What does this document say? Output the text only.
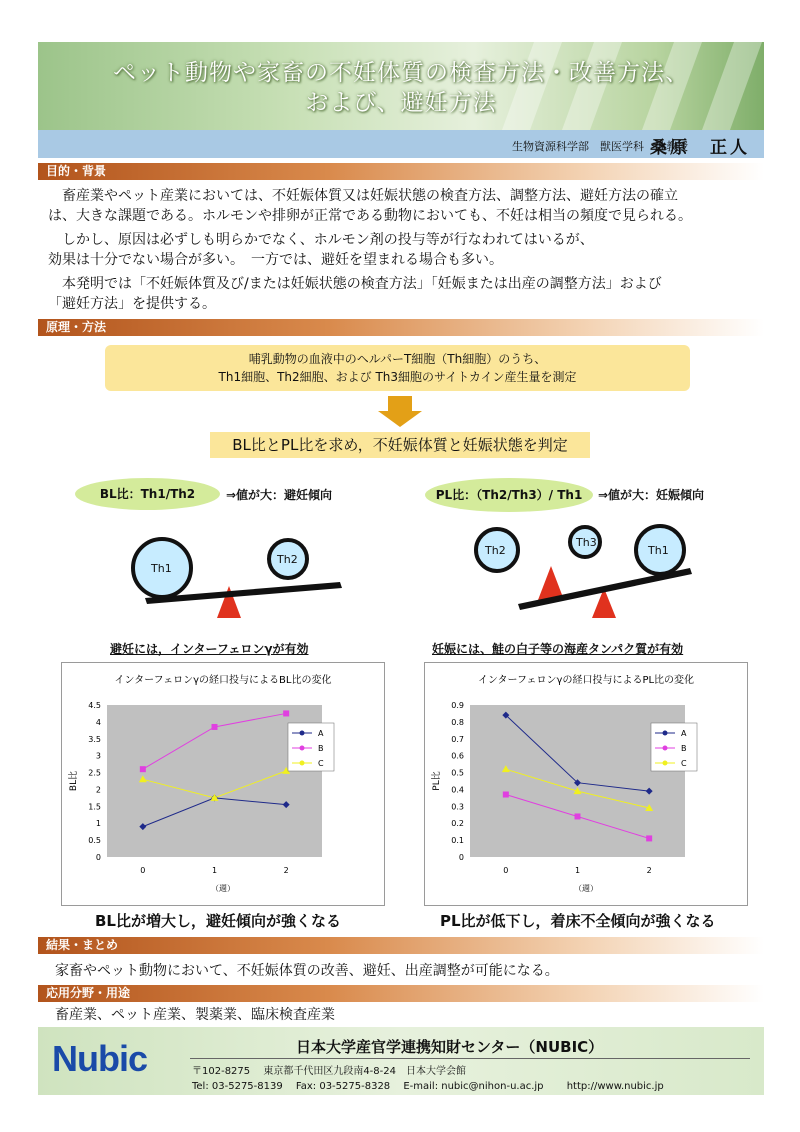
ペット動物や家畜の不妊体質の検査方法・改善方法、
および、避妊方法
生物資源科学部　獣医学科　准教授
桑原　正人
目的・背景
　畜産業やペット産業においては、不妊娠体質又は妊娠状態の検査方法、調整方法、避妊方法の確立
は、大きな課題である。ホルモンや排卵が正常である動物においても、不妊は相当の頻度で見られる。
　しかし、原因は必ずしも明らかでなく、ホルモン剤の投与等が行なわれてはいるが、
効果は十分でない場合が多い。　一方では、避妊を望まれる場合も多い。
　本発明では「不妊娠体質及び/または妊娠状態の検査方法」「妊娠または出産の調整方法」および
「避妊方法」を提供する。
原理・方法
哺乳動物の血液中のヘルパーT細胞（Th細胞）のうち、
Th1細胞、Th2細胞、および Th3細胞のサイトカイン産生量を測定
BL比とPL比を求め，不妊娠体質と妊娠状態を判定
BL比：Th1/Th2	⇒値が大：避妊傾向	PL比：（Th2/Th3）/ Th1	⇒値が大：妊娠傾向
Th1
Th2
Th2
Th3
Th1
避妊には，インターフェロンγが有効	妊娠には、鮭の白子等の海産タンパク質が有効
インターフェロンγの経口投与によるBL比の変化
0
0.5
1
1.5
2
2.5
3
3.5
4
4.5
0	1	2
（週）
BL比
A
B
C
インターフェロンγの経口投与によるPL比の変化
0
0.1
0.2
0.3
0.4
0.5
0.6
0.7
0.8
0.9
0	1	2
（週）
PL比
A
B
C
BL比が増大し，避妊傾向が強くなる	PL比が低下し，着床不全傾向が強くなる
結果・まとめ
家畜やペット動物において、不妊娠体質の改善、避妊、出産調整が可能になる。
応用分野・用途
畜産業、ペット産業、製薬業、臨床検査産業
Nubic	日本大学産官学連携知財センター（NUBIC）
〒102-8275　 東京都千代田区九段南4-8-24　日本大学会館
Tel: 03-5275-8139　 Fax: 03-5275-8328　 E-mail: nubic@nihon-u.ac.jp　　 http://www.nubic.jp
